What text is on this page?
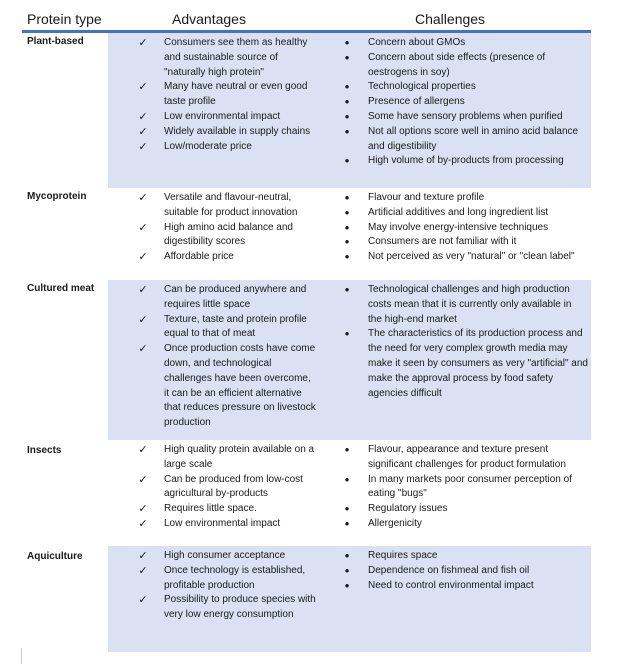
Protein type	Advantages	Challenges
Plant-based	✓ Consumers see them as healthy and sustainable source of "naturally high protein"
✓ Many have neutral or even good taste profile
✓ Low environmental impact
✓ Widely available in supply chains
✓ Low/moderate price
•	Concern about GMOs
•	Concern about side effects (presence of oestrogens in soy)
•	Technological properties
•	Presence of allergens
•	Some have sensory problems when purified
•	Not all options score well in amino acid balance and digestibility
•	High volume of by-products from processing
Mycoprotein	✓ Versatile and flavour-neutral, suitable for product innovation
✓ High amino acid balance and digestibility scores
✓ Affordable price
•	Flavour and texture profile
•	Artificial additives and long ingredient list
•	May involve energy-intensive techniques
•	Consumers are not familiar with it
•	Not perceived as very "natural" or "clean label"
Cultured meat	✓ Can be produced anywhere and requires little space
✓ Texture, taste and protein profile equal to that of meat
✓ Once production costs have come down, and technological challenges have been overcome, it can be an efficient alternative that reduces pressure on livestock production
•	Technological challenges and high production costs mean that it is currently only available in the high-end market
•	The characteristics of its production process and the need for very complex growth media may make it seen by consumers as very "artificial" and make the approval process by food safety agencies difficult
Insects	✓ High quality protein available on a large scale
✓ Can be produced from low-cost agricultural by-products
✓ Requires little space.
✓ Low environmental impact
•	Flavour, appearance and texture present significant challenges for product formulation
•	In many markets poor consumer perception of eating "bugs"
•	Regulatory issues
•	Allergenicity
Aquiculture	✓ High consumer acceptance
✓ Once technology is established, profitable production
✓ Possibility to produce species with very low energy consumption
•	Requires space
•	Dependence on fishmeal and fish oil
•	Need to control environmental impact
